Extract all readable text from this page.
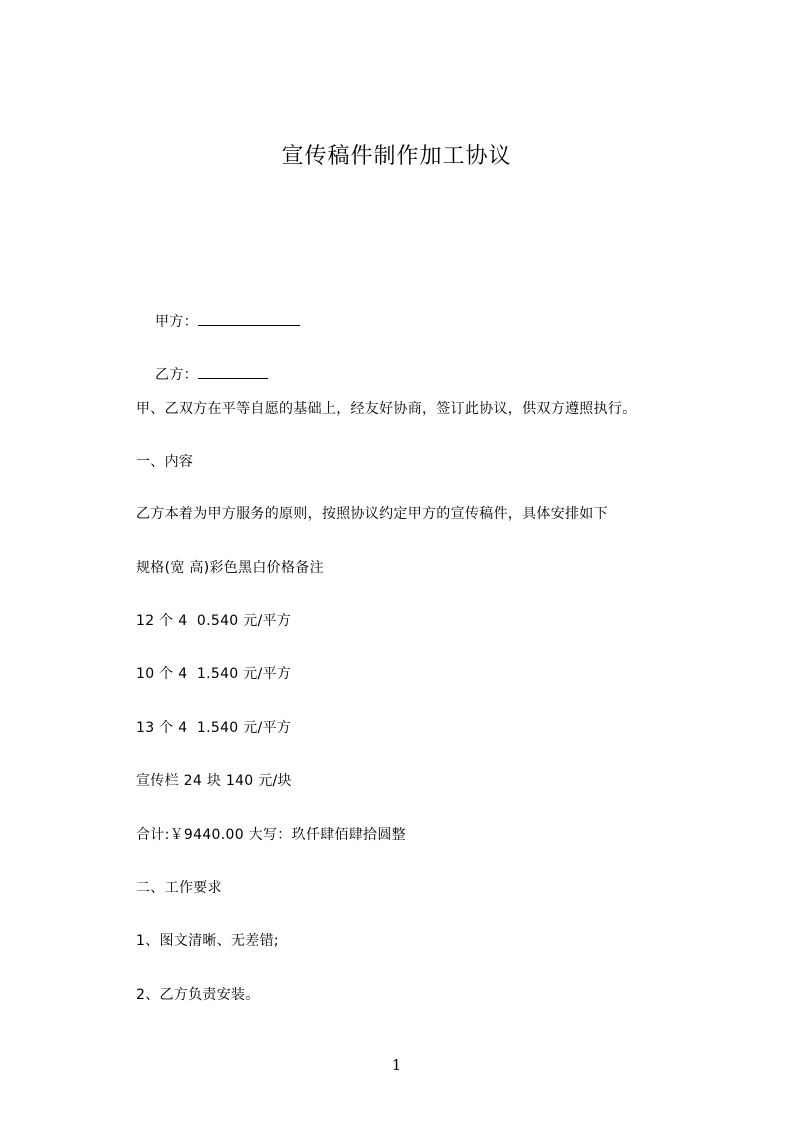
宣传稿件制作加工协议

甲方：

乙方：

甲、乙双方在平等自愿的基础上，经友好协商，签订此协议，供双方遵照执行。
一、内容
乙方本着为甲方服务的原则，按照协议约定甲方的宣传稿件，具体安排如下
规格(宽 高)彩色黑白价格备注
12 个 4  0.540 元/平方
10 个 4  1.540 元/平方
13 个 4  1.540 元/平方
宣传栏 24 块 140 元/块
合计:￥9440.00 大写：玖仟肆佰肆拾圆整
二、工作要求
1、图文清晰、无差错;
2、乙方负责安装。
1
